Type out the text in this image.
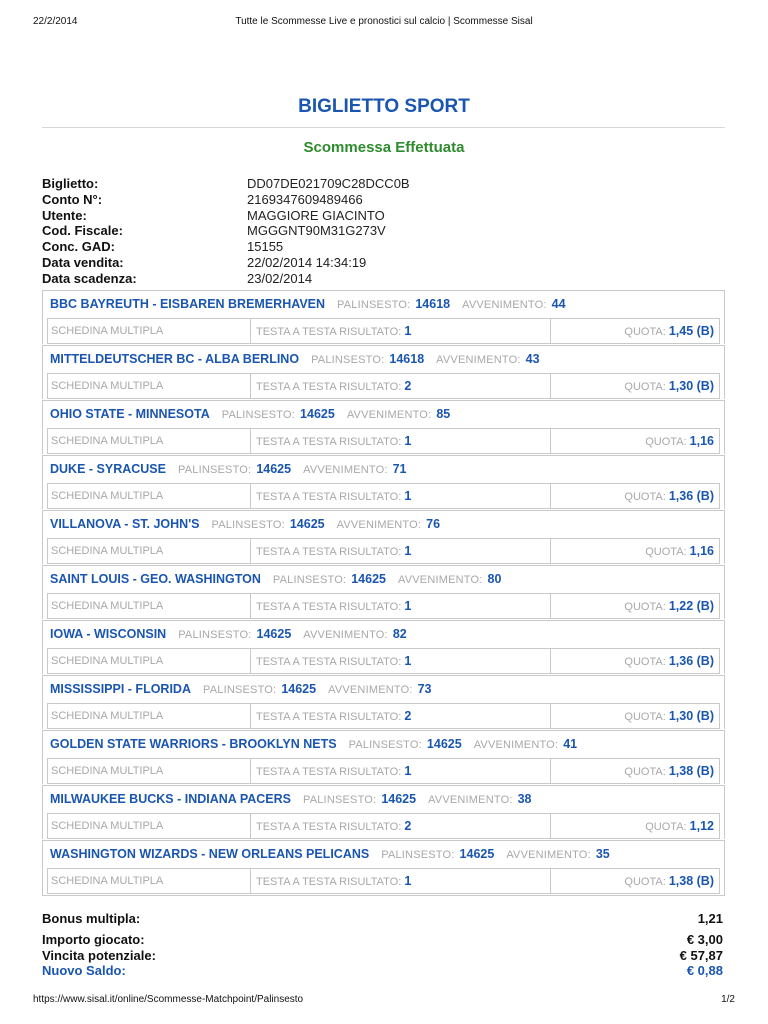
22/2/2014	Tutte le Scommesse Live e pronostici sul calcio | Scommesse Sisal
BIGLIETTO SPORT
Scommessa Effettuata
Biglietto:	DD07DE021709C28DCC0B
Conto N°:	2169347609489466
Utente:	MAGGIORE GIACINTO
Cod. Fiscale:	MGGGNT90M31G273V
Conc. GAD:	15155
Data vendita:	22/02/2014 14:34:19
Data scadenza:	23/02/2014
BBC BAYREUTH - EISBAREN BREMERHAVEN PALINSESTO: 14618 AVVENIMENTO: 44
SCHEDINA MULTIPLA	TESTA A TESTA RISULTATO: 1	QUOTA: 1,45 (B)
MITTELDEUTSCHER BC - ALBA BERLINO PALINSESTO: 14618 AVVENIMENTO: 43
SCHEDINA MULTIPLA	TESTA A TESTA RISULTATO: 2	QUOTA: 1,30 (B)
OHIO STATE - MINNESOTA PALINSESTO: 14625 AVVENIMENTO: 85
SCHEDINA MULTIPLA	TESTA A TESTA RISULTATO: 1	QUOTA: 1,16
DUKE - SYRACUSE PALINSESTO: 14625 AVVENIMENTO: 71
SCHEDINA MULTIPLA	TESTA A TESTA RISULTATO: 1	QUOTA: 1,36 (B)
VILLANOVA - ST. JOHN'S PALINSESTO: 14625 AVVENIMENTO: 76
SCHEDINA MULTIPLA	TESTA A TESTA RISULTATO: 1	QUOTA: 1,16
SAINT LOUIS - GEO. WASHINGTON PALINSESTO: 14625 AVVENIMENTO: 80
SCHEDINA MULTIPLA	TESTA A TESTA RISULTATO: 1	QUOTA: 1,22 (B)
IOWA - WISCONSIN PALINSESTO: 14625 AVVENIMENTO: 82
SCHEDINA MULTIPLA	TESTA A TESTA RISULTATO: 1	QUOTA: 1,36 (B)
MISSISSIPPI - FLORIDA PALINSESTO: 14625 AVVENIMENTO: 73
SCHEDINA MULTIPLA	TESTA A TESTA RISULTATO: 2	QUOTA: 1,30 (B)
GOLDEN STATE WARRIORS - BROOKLYN NETS PALINSESTO: 14625 AVVENIMENTO: 41
SCHEDINA MULTIPLA	TESTA A TESTA RISULTATO: 1	QUOTA: 1,38 (B)
MILWAUKEE BUCKS - INDIANA PACERS PALINSESTO: 14625 AVVENIMENTO: 38
SCHEDINA MULTIPLA	TESTA A TESTA RISULTATO: 2	QUOTA: 1,12
WASHINGTON WIZARDS - NEW ORLEANS PELICANS PALINSESTO: 14625 AVVENIMENTO: 35
SCHEDINA MULTIPLA	TESTA A TESTA RISULTATO: 1	QUOTA: 1,38 (B)
Bonus multipla:	1,21
Importo giocato:	€ 3,00
Vincita potenziale:	€ 57,87
Nuovo Saldo:	€ 0,88
https://www.sisal.it/online/Scommesse-Matchpoint/Palinsesto	1/2
